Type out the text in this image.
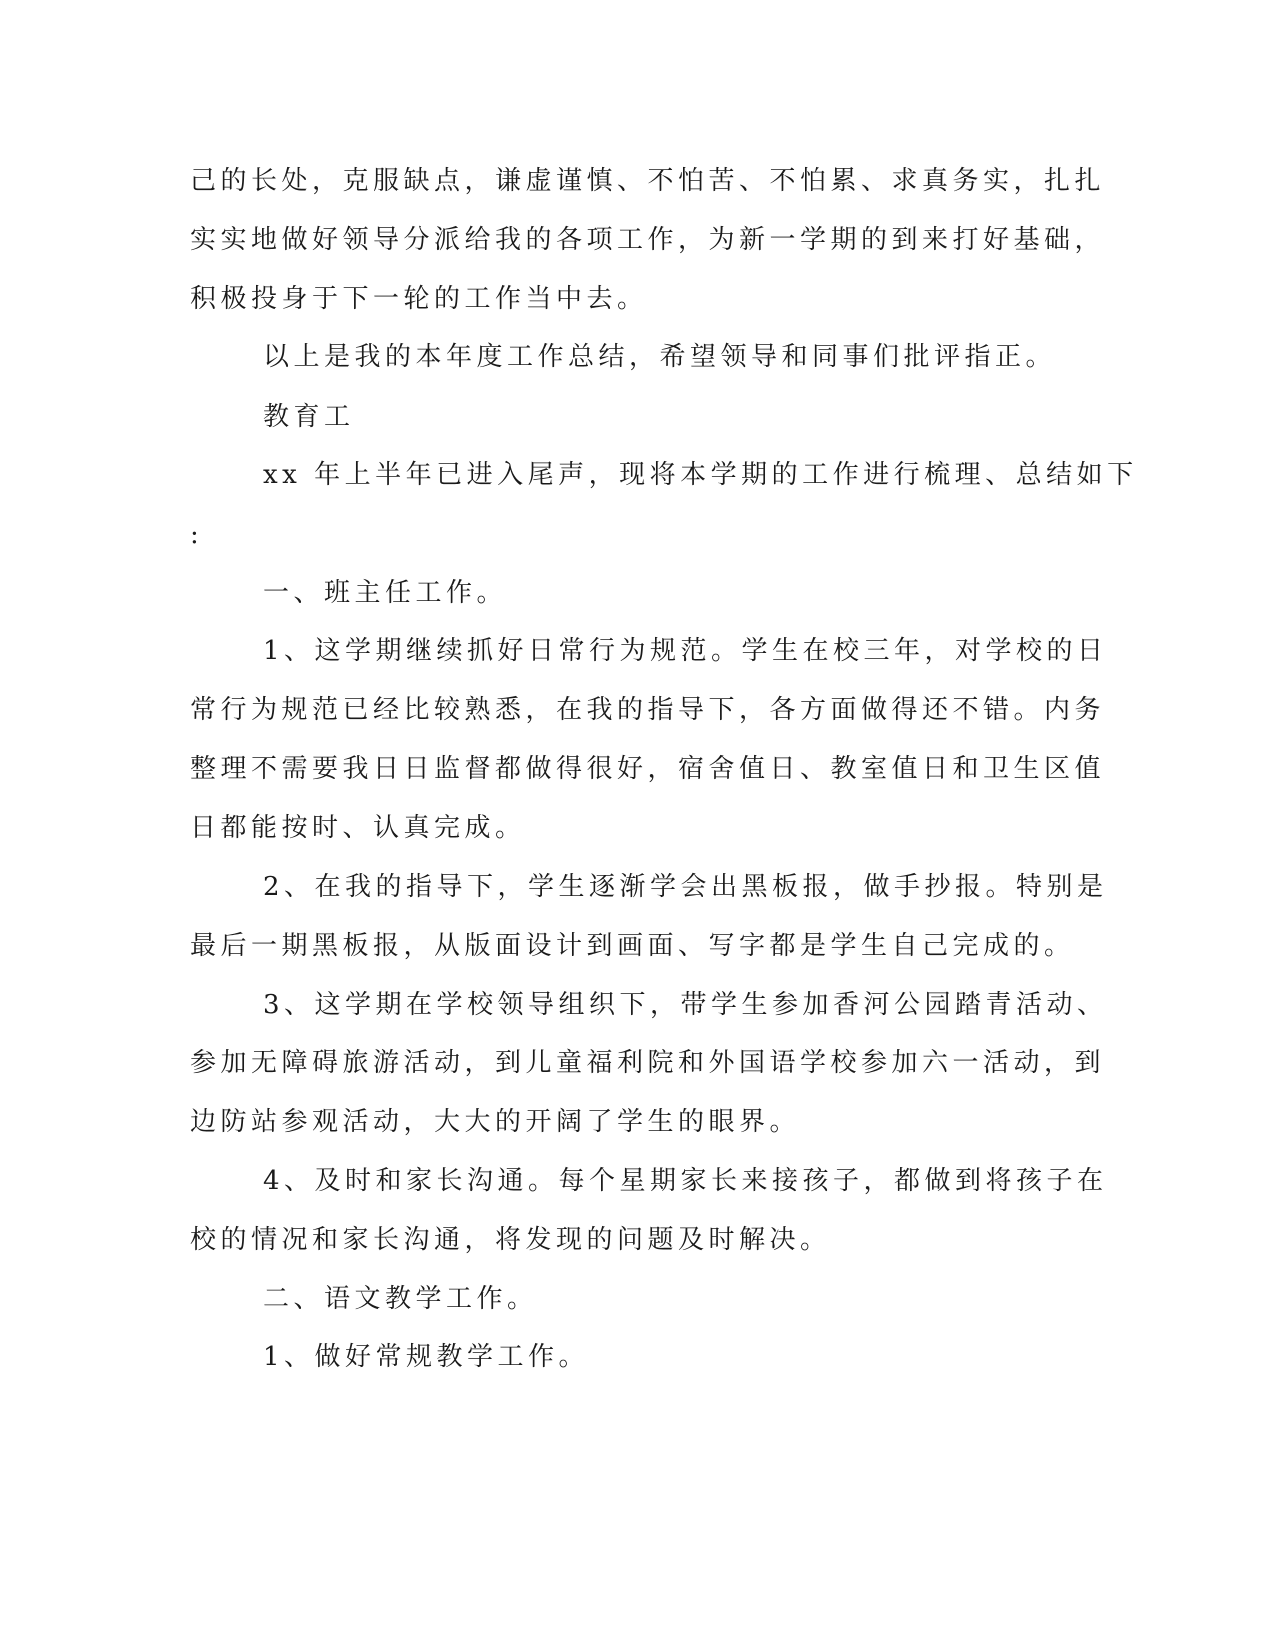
己的长处，克服缺点，谦虚谨慎、不怕苦、不怕累、求真务实，扎扎
实实地做好领导分派给我的各项工作，为新一学期的到来打好基础，
积极投身于下一轮的工作当中去。
以上是我的本年度工作总结，希望领导和同事们批评指正。
教育工
xx 年上半年已进入尾声，现将本学期的工作进行梳理、总结如下
:
一、班主任工作。
1、这学期继续抓好日常行为规范。学生在校三年，对学校的日
常行为规范已经比较熟悉，在我的指导下，各方面做得还不错。内务
整理不需要我日日监督都做得很好，宿舍值日、教室值日和卫生区值
日都能按时、认真完成。
2、在我的指导下，学生逐渐学会出黑板报，做手抄报。特别是
最后一期黑板报，从版面设计到画面、写字都是学生自己完成的。
3、这学期在学校领导组织下，带学生参加香河公园踏青活动、
参加无障碍旅游活动，到儿童福利院和外国语学校参加六一活动，到
边防站参观活动，大大的开阔了学生的眼界。
4、及时和家长沟通。每个星期家长来接孩子，都做到将孩子在
校的情况和家长沟通，将发现的问题及时解决。
二、语文教学工作。
1、做好常规教学工作。
